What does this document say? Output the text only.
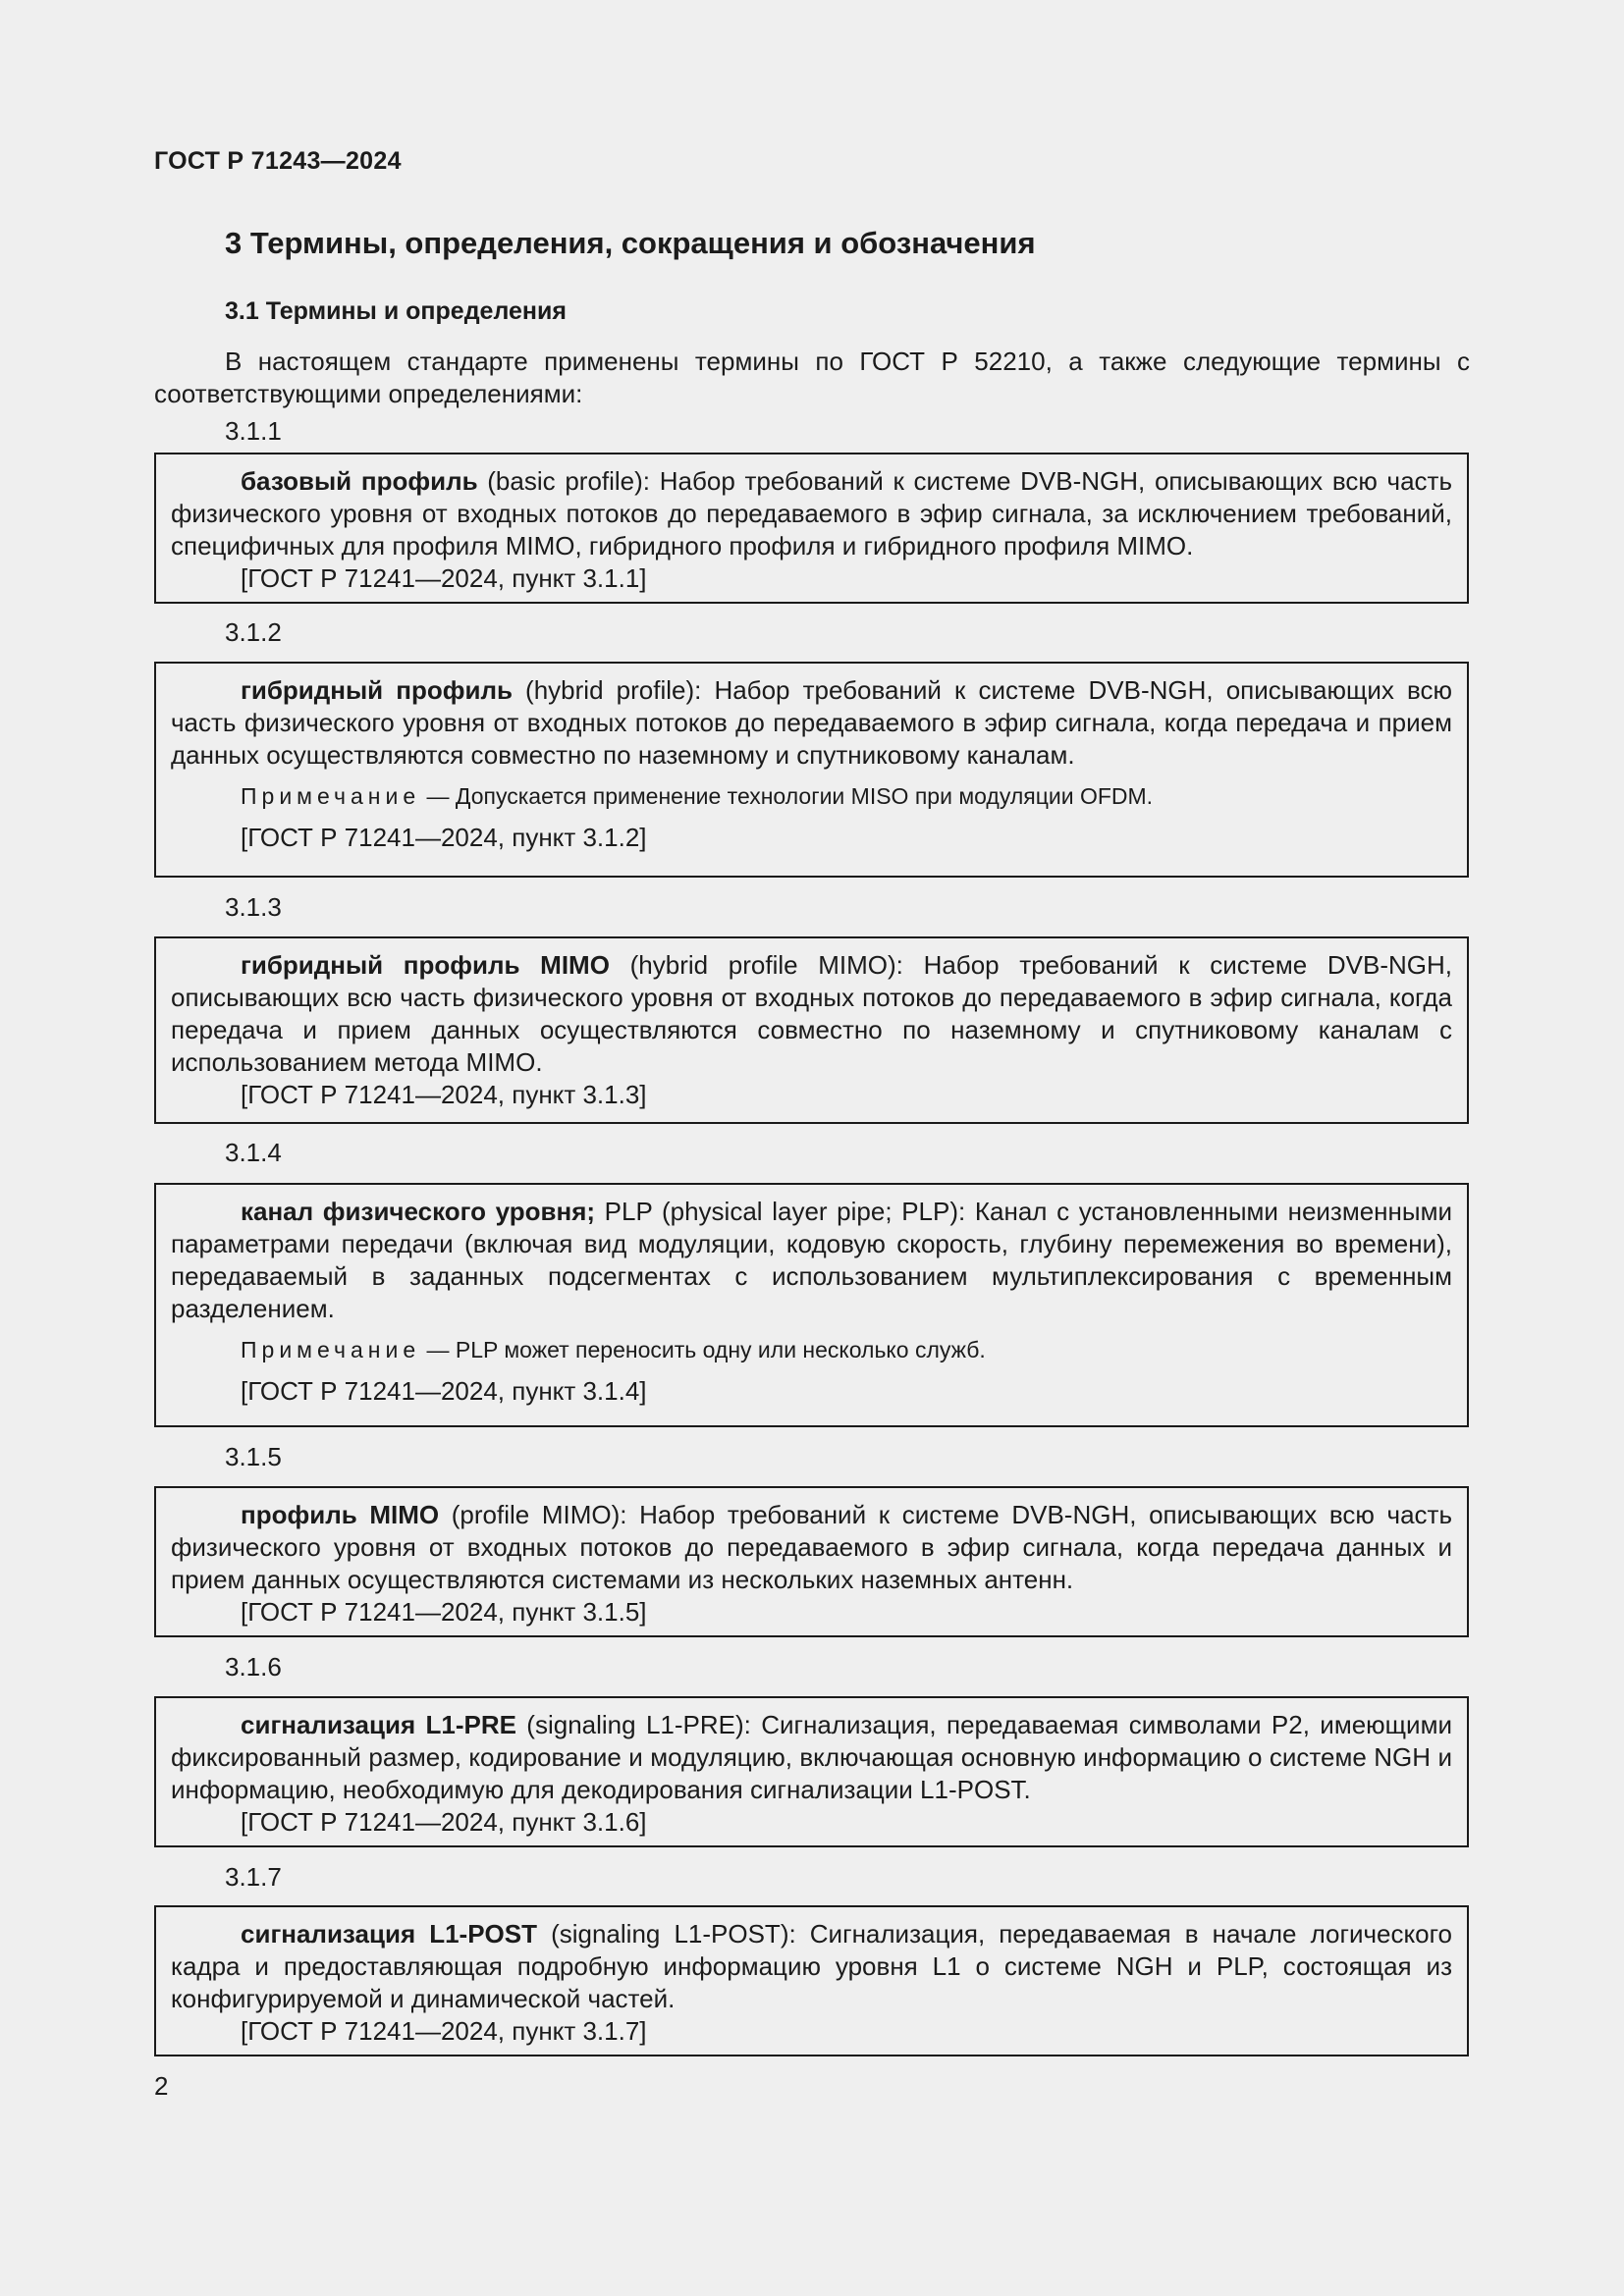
ГОСТ Р 71243—2024
3 Термины, определения, сокращения и обозначения
3.1 Термины и определения
В настоящем стандарте применены термины по ГОСТ Р 52210, а также следующие термины с соответствующими определениями:
3.1.1

базовый профиль (basic profile): Набор требований к системе DVB-NGH, описывающих всю часть физического уровня от входных потоков до передаваемого в эфир сигнала, за исключением требований, специфичных для профиля MIMO, гибридного профиля и гибридного профиля MIMO.

[ГОСТ Р 71241—2024, пункт 3.1.1]

3.1.2

гибридный профиль (hybrid profile): Набор требований к системе DVB-NGH, описывающих всю часть физического уровня от входных потоков до передаваемого в эфир сигнала, когда передача и прием данных осуществляются совместно по наземному и спутниковому каналам.

Примечание — Допускается применение технологии MISO при модуляции OFDM.

[ГОСТ Р 71241—2024, пункт 3.1.2]

3.1.3

гибридный профиль MIMO (hybrid profile MIMO): Набор требований к системе DVB-NGH, описывающих всю часть физического уровня от входных потоков до передаваемого в эфир сигнала, когда передача и прием данных осуществляются совместно по наземному и спутниковому каналам с использованием метода MIMO.

[ГОСТ Р 71241—2024, пункт 3.1.3]

3.1.4

канал физического уровня; PLP (physical layer pipe; PLP): Канал с установленными неизменными параметрами передачи (включая вид модуляции, кодовую скорость, глубину перемежения во времени), передаваемый в заданных подсегментах с использованием мультиплексирования с временным разделением.

Примечание — PLP может переносить одну или несколько служб.

[ГОСТ Р 71241—2024, пункт 3.1.4]

3.1.5

профиль MIMO (profile MIMO): Набор требований к системе DVB-NGH, описывающих всю часть физического уровня от входных потоков до передаваемого в эфир сигнала, когда передача данных и прием данных осуществляются системами из нескольких наземных антенн.

[ГОСТ Р 71241—2024, пункт 3.1.5]

3.1.6

сигнализация L1-PRE (signaling L1-PRE): Сигнализация, передаваемая символами P2, имеющими фиксированный размер, кодирование и модуляцию, включающая основную информацию о системе NGH и информацию, необходимую для декодирования сигнализации L1-POST.

[ГОСТ Р 71241—2024, пункт 3.1.6]

3.1.7

сигнализация L1-POST (signaling L1-POST): Сигнализация, передаваемая в начале логического кадра и предоставляющая подробную информацию уровня L1 о системе NGH и PLP, состоящая из конфигурируемой и динамической частей.

[ГОСТ Р 71241—2024, пункт 3.1.7]

2
